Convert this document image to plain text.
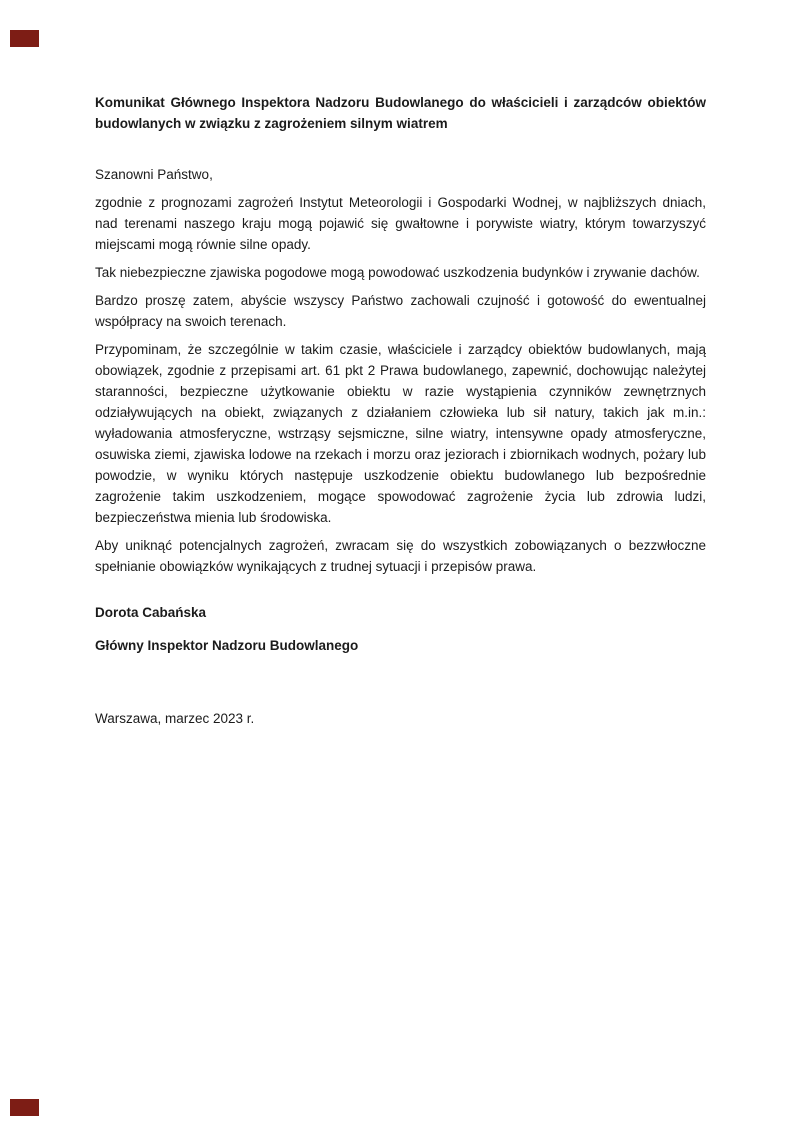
Komunikat Głównego Inspektora Nadzoru Budowlanego do właścicieli i zarządców obiektów budowlanych w związku z zagrożeniem silnym wiatrem

Szanowni Państwo,

zgodnie z prognozami zagrożeń Instytut Meteorologii i Gospodarki Wodnej, w najbliższych dniach, nad terenami naszego kraju mogą pojawić się gwałtowne i porywiste wiatry, którym towarzyszyć miejscami mogą równie silne opady.

Tak niebezpieczne zjawiska pogodowe mogą powodować uszkodzenia budynków i zrywanie dachów.

Bardzo proszę zatem, abyście wszyscy Państwo zachowali czujność i gotowość do ewentualnej współpracy na swoich terenach.

Przypominam, że szczególnie w takim czasie, właściciele i zarządcy obiektów budowlanych, mają obowiązek, zgodnie z przepisami art. 61 pkt 2 Prawa budowlanego, zapewnić, dochowując należytej staranności, bezpieczne użytkowanie obiektu w razie wystąpienia czynników zewnętrznych odziaływujących na obiekt, związanych z działaniem człowieka lub sił natury, takich jak m.in.: wyładowania atmosferyczne, wstrząsy sejsmiczne, silne wiatry, intensywne opady atmosferyczne, osuwiska ziemi, zjawiska lodowe na rzekach i morzu oraz jeziorach i zbiornikach wodnych, pożary lub powodzie, w wyniku których następuje uszkodzenie obiektu budowlanego lub bezpośrednie zagrożenie takim uszkodzeniem, mogące spowodować zagrożenie życia lub zdrowia ludzi, bezpieczeństwa mienia lub środowiska.

Aby uniknąć potencjalnych zagrożeń, zwracam się do wszystkich zobowiązanych o bezzwłoczne spełnianie obowiązków wynikających z trudnej sytuacji i przepisów prawa.

Dorota Cabańska

Główny Inspektor Nadzoru Budowlanego

Warszawa, marzec 2023 r.
